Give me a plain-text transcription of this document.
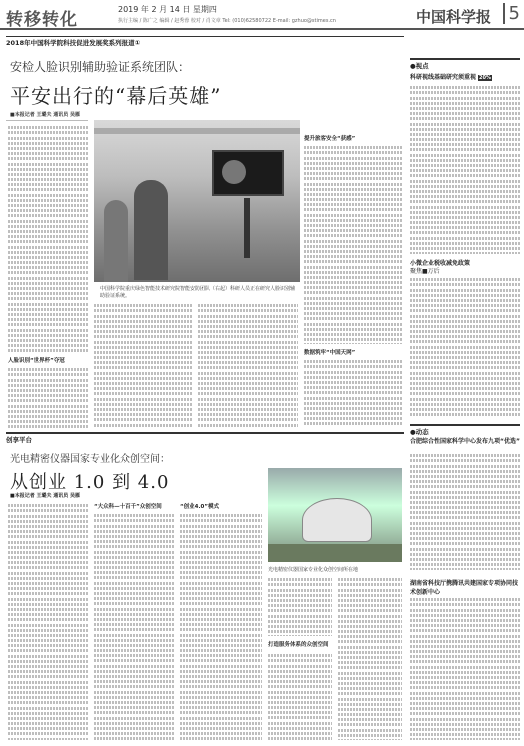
转移转化
2019 年 2 月 14 日 星期四
执行主编 / 陈广之 编辑 / 赵秀蓉 校对 / 肖文章 Tel: (010)62580722 E-mail: gzhuo@stimes.cn	中国科学报 5
2018年中国科学院科技促进发展奖系列报道①
安检人脸识别辅助验证系统团队：
平安出行的“幕后英雄”
■本报记者 王璐夫 通讯员 吴雁
人脸识别“世界杯”夺冠
中国科学院重庆绿色智能技术研究院智能安防团队（右起）科研人员正在研究人脸识别辅助验证系统。
提升旅客安全“获感”
数据筑牢“中国天网”
创享平台
光电精密仪器国家专业化众创空间：
从创业 1.0 到 4.0
■本报记者 王璐夫 通讯员 吴雁
“大众科—十百千”众创空间	“创业4.0”模式
光电精密仪器国家专业化众创空间所在地
打造服务体系的众创空间
●视点
科研视线基础研究须重视 20%
小微企业税收减免政策
聚焦■万后
●动态
合肥综合性国家科学中心发布九项“优选”
湖南省科技厅携腾讯共建国家专项协同技术创新中心
